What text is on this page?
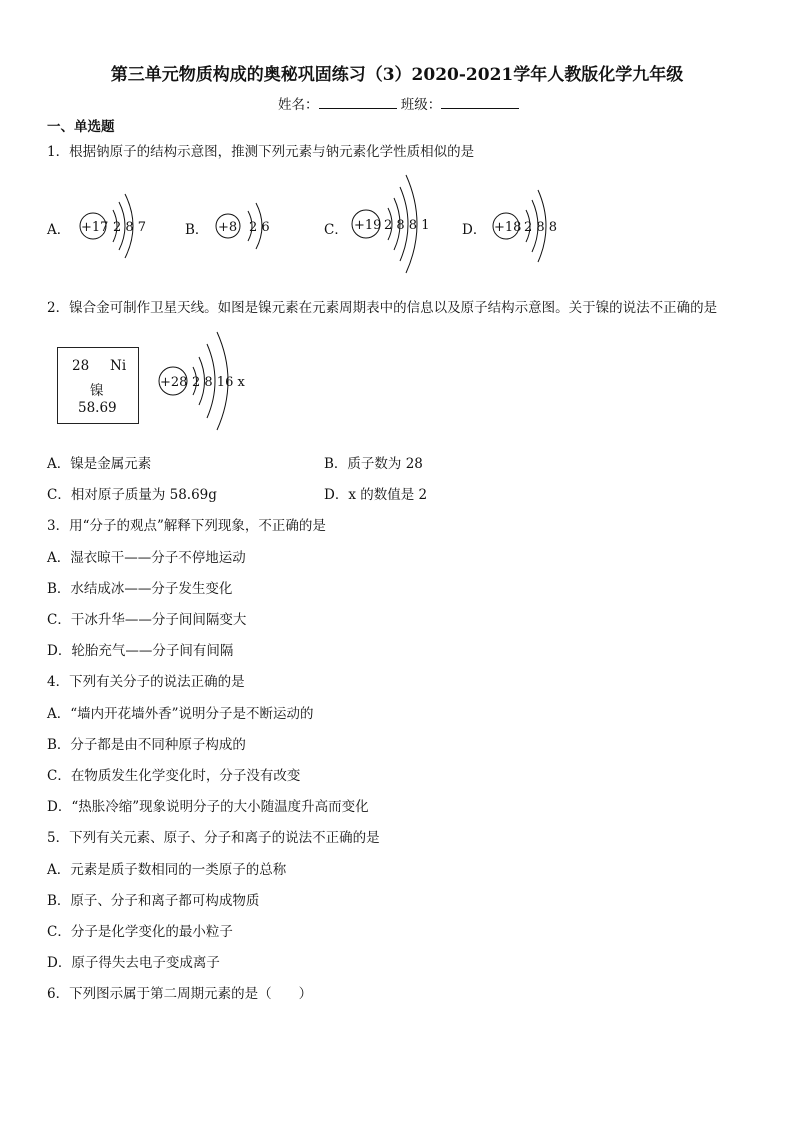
第三单元物质构成的奥秘巩固练习（3）2020-2021学年人教版化学九年级
姓名：	班级：
一、单选题
1．根据钠原子的结构示意图，推测下列元素与钠元素化学性质相似的是
A． +17 2 8 7	B． +8 2 6	C． +19 2 8 8 1 D． +18 2 8 8
2．镍合金可制作卫星天线。如图是镍元素在元素周期表中的信息以及原子结构示意图。关于镍的说法不正确的是
28 Ni
镍
58.69
+28 2 8 16 x
A．镍是金属元素	B．质子数为 28
C．相对原子质量为 58.69g	D．x 的数值是 2
3．用“分子的观点”解释下列现象，不正确的是
A．湿衣晾干——分子不停地运动
B．水结成冰——分子发生变化
C．干冰升华——分子间间隔变大
D．轮胎充气——分子间有间隔
4．下列有关分子的说法正确的是
A．“墙内开花墙外香”说明分子是不断运动的
B．分子都是由不同种原子构成的
C．在物质发生化学变化时，分子没有改变
D．“热胀冷缩”现象说明分子的大小随温度升高而变化
5．下列有关元素、原子、分子和离子的说法不正确的是
A．元素是质子数相同的一类原子的总称
B．原子、分子和离子都可构成物质
C．分子是化学变化的最小粒子
D．原子得失去电子变成离子
6．下列图示属于第二周期元素的是（　　）
